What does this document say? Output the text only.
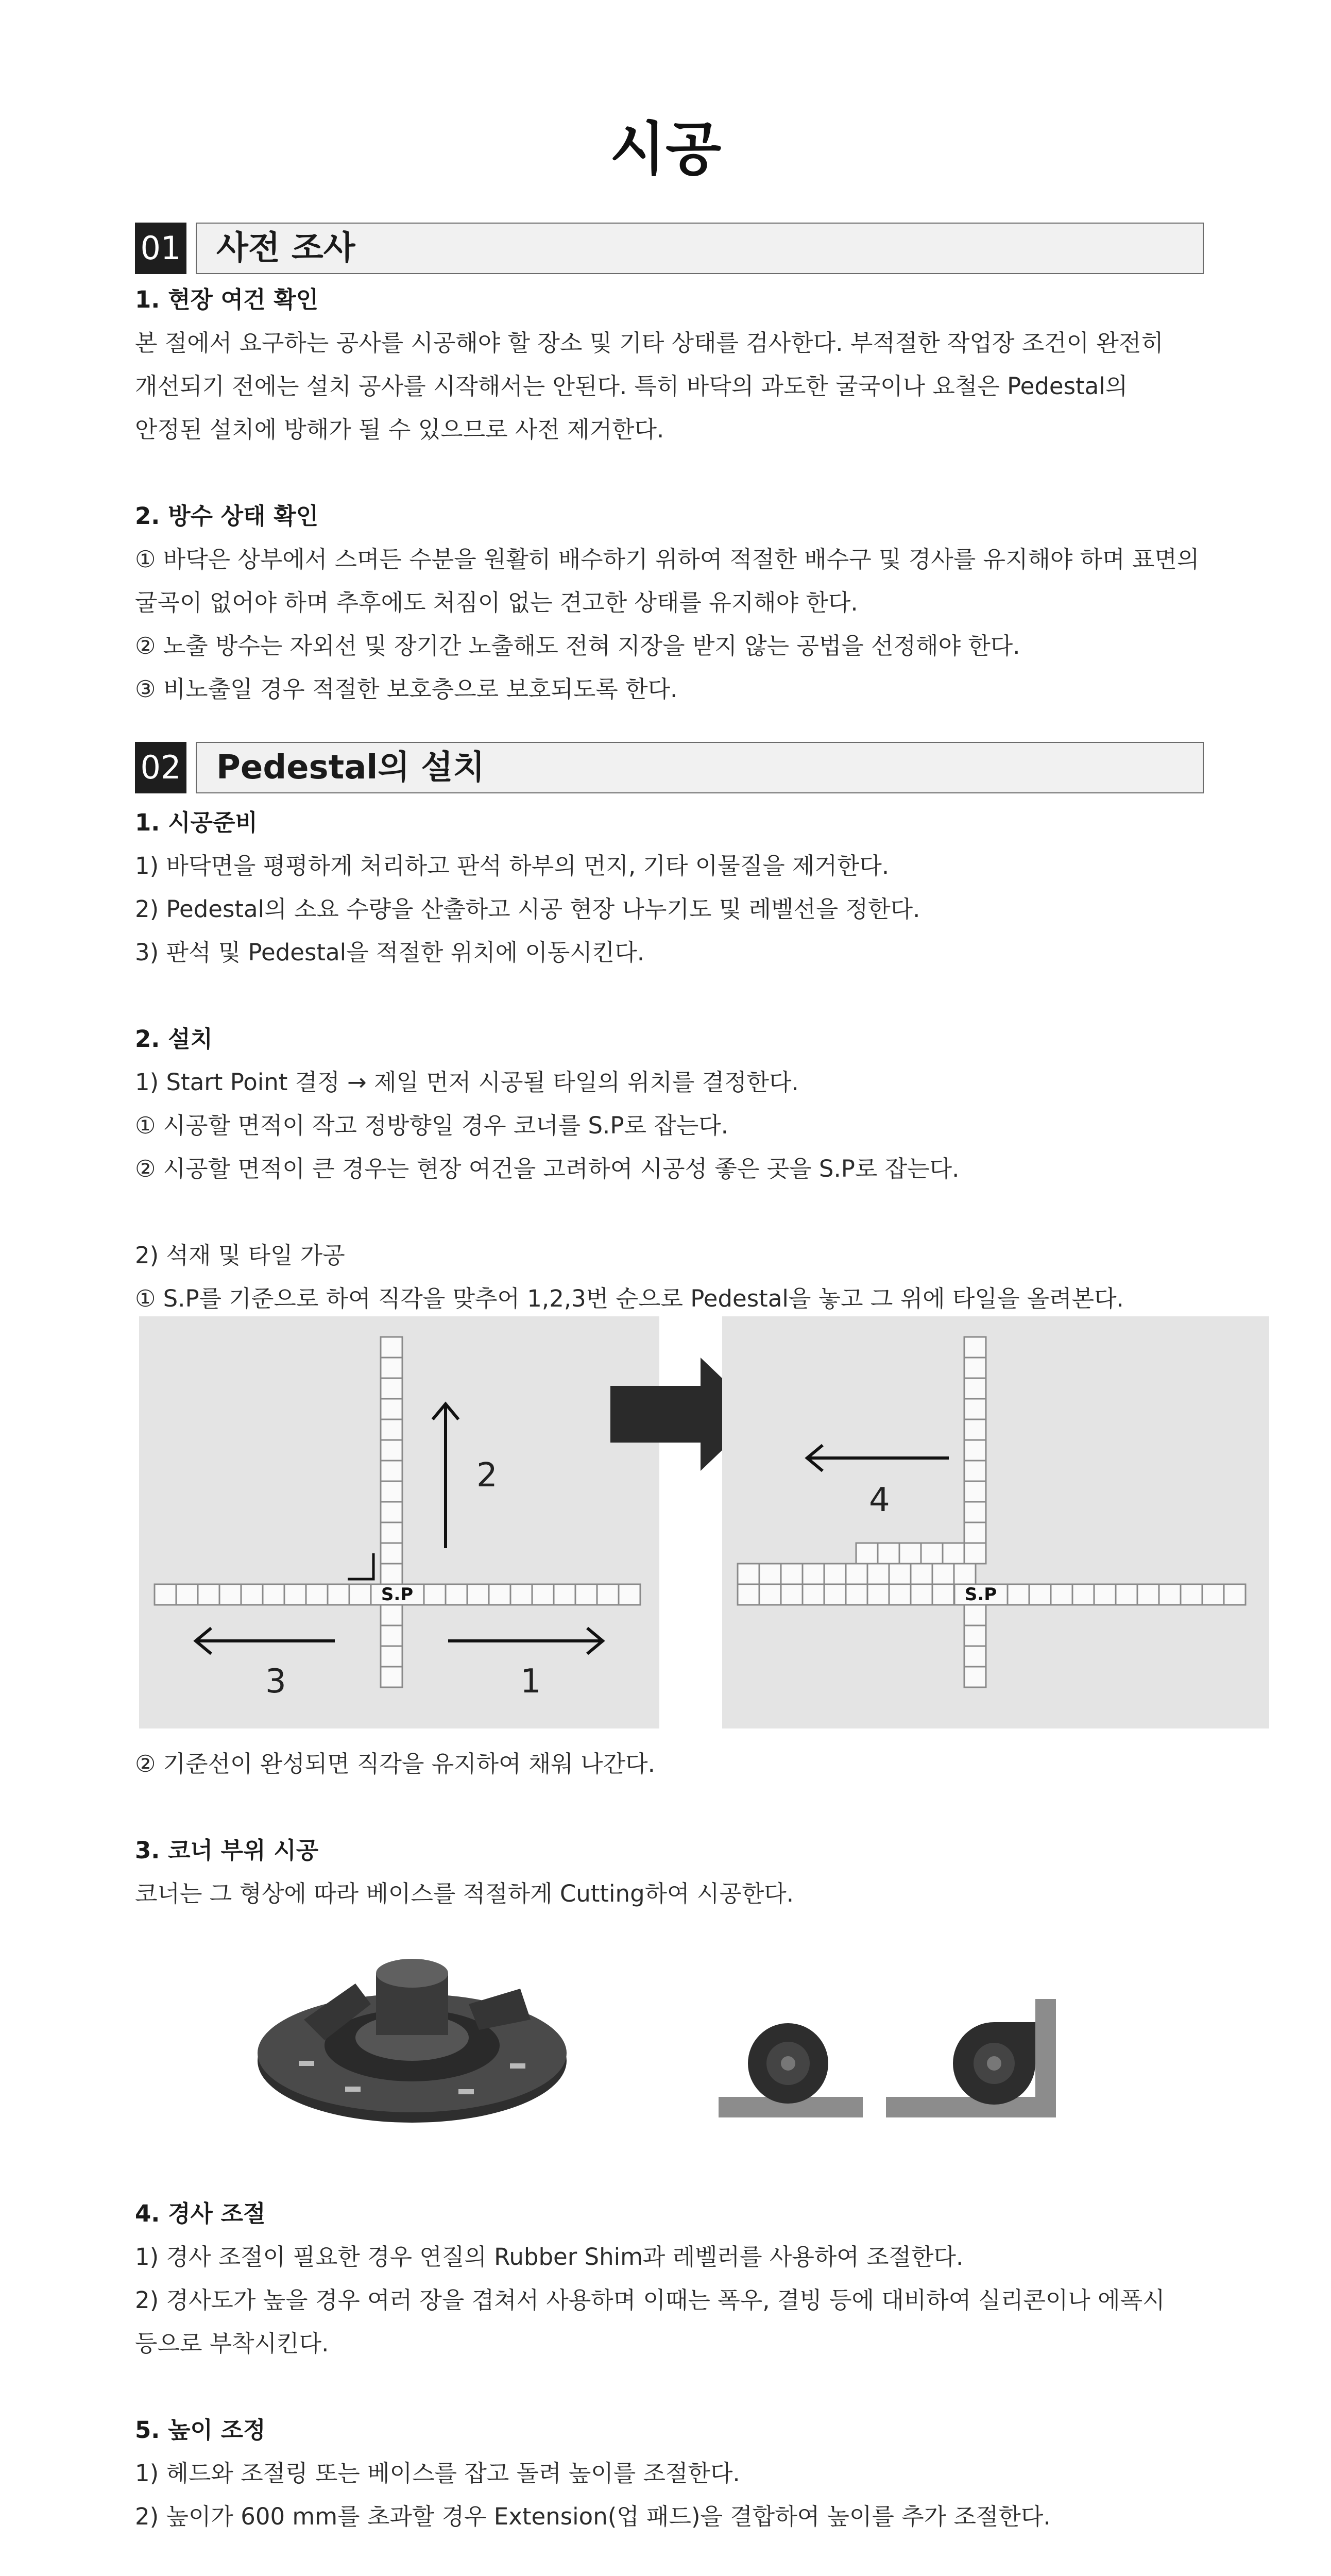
시공
01 사전 조사

1. 현장 여건 확인

본 절에서 요구하는 공사를 시공해야 할 장소 및 기타 상태를 검사한다. 부적절한 작업장 조건이 완전히

개선되기 전에는 설치 공사를 시작해서는 안된다. 특히 바닥의 과도한 굴국이나 요철은 Pedestal의

안정된 설치에 방해가 될 수 있으므로 사전 제거한다.

2. 방수 상태 확인

① 바닥은 상부에서 스며든 수분을 원활히 배수하기 위하여 적절한 배수구 및 경사를 유지해야 하며 표면의

굴곡이 없어야 하며 추후에도 처짐이 없는 견고한 상태를 유지해야 한다.

② 노출 방수는 자외선 및 장기간 노출해도 전혀 지장을 받지 않는 공법을 선정해야 한다.

③ 비노출일 경우 적절한 보호층으로 보호되도록 한다.

02 Pedestal의 설치

1. 시공준비

1) 바닥면을 평평하게 처리하고 판석 하부의 먼지, 기타 이물질을 제거한다.

2) Pedestal의 소요 수량을 산출하고 시공 현장 나누기도 및 레벨선을 정한다.

3) 판석 및 Pedestal을 적절한 위치에 이동시킨다.

2. 설치

1) Start Point 결정 → 제일 먼저 시공될 타일의 위치를 결정한다.

① 시공할 면적이 작고 정방향일 경우 코너를 S.P로 잡는다.

② 시공할 면적이 큰 경우는 현장 여건을 고려하여 시공성 좋은 곳을 S.P로 잡는다.

2) 석재 및 타일 가공

① S.P를 기준으로 하여 직각을 맞추어 1,2,3번 순으로 Pedestal을 놓고 그 위에 타일을 올려본다.

S.P
2
3	1
S.P
4

② 기준선이 완성되면 직각을 유지하여 채워 나간다.

3. 코너 부위 시공

코너는 그 형상에 따라 베이스를 적절하게 Cutting하여 시공한다.

4. 경사 조절

1) 경사 조절이 필요한 경우 연질의 Rubber Shim과 레벨러를 사용하여 조절한다.

2) 경사도가 높을 경우 여러 장을 겹쳐서 사용하며 이때는 폭우, 결빙 등에 대비하여 실리콘이나 에폭시

등으로 부착시킨다.

5. 높이 조정

1) 헤드와 조절링 또는 베이스를 잡고 돌려 높이를 조절한다.

2) 높이가 600 mm를 초과할 경우 Extension(업 패드)을 결합하여 높이를 추가 조절한다.
